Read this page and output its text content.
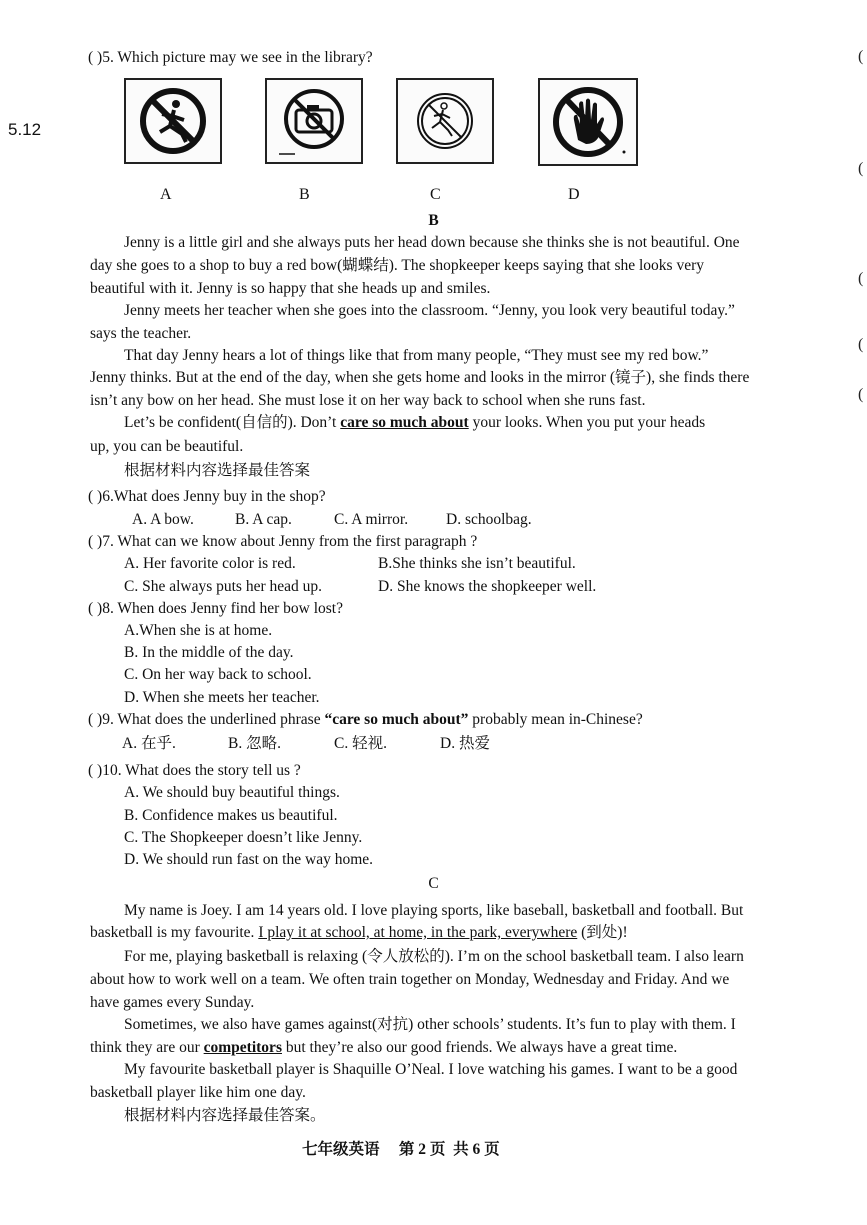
5.12
(
(
(
(
(
( )5. Which picture may we see in the library?
A	B	C	D
B
Jenny is a little girl and she always puts her head down because she thinks she is not beautiful. One
day she goes to a shop to buy a red bow(蝴蝶结). The shopkeeper keeps saying that she looks very
beautiful with it. Jenny is so happy that she heads up and smiles.
Jenny meets her teacher when she goes into the classroom. “Jenny, you look very beautiful today.”
says the teacher.
That day Jenny hears a lot of things like that from many people, “They must see my red bow.”
Jenny thinks. But at the end of the day, when she gets home and looks in the mirror (镜子), she finds there
isn’t any bow on her head. She must lose it on her way back to school when she runs fast.
Let’s be confident(自信的). Don’t care so much about your looks. When you put your heads
up, you can be beautiful.
根据材料内容选择最佳答案
( )6.What does Jenny buy in the shop?
A. A bow.	B. A cap.	C. A mirror. D. schoolbag.
( )7. What can we know about Jenny from the first paragraph ?
A. Her favorite color is red.	B.She thinks she isn’t beautiful.
C. She always puts her head up.	D. She knows the shopkeeper well.
( )8. When does Jenny find her bow lost?
A.When she is at home.
B. In the middle of the day.
C. On her way back to school.
D. When she meets her teacher.
( )9. What does the underlined phrase “care so much about” probably mean in-Chinese?
A. 在乎.	B. 忽略.	C. 轻视.	D. 热爱
( )10. What does the story tell us ?
A. We should buy beautiful things.
B. Confidence makes us beautiful.
C. The Shopkeeper doesn’t like Jenny.
D. We should run fast on the way home.
C
My name is Joey. I am 14 years old. I love playing sports, like baseball, basketball and football. But
basketball is my favourite. I play it at school, at home, in the park, everywhere (到处)!
For me, playing basketball is relaxing (令人放松的). I’m on the school basketball team. I also learn
about how to work well on a team. We often train together on Monday, Wednesday and Friday. And we
have games every Sunday.
Sometimes, we also have games against(对抗) other schools’ students. It’s fun to play with them. I
think they are our competitors but they’re also our good friends. We always have a great time.
My favourite basketball player is Shaquille O’Neal. I love watching his games. I want to be a good
basketball player like him one day.
根据材料内容选择最佳答案。
七年级英语     第 2 页  共 6 页
